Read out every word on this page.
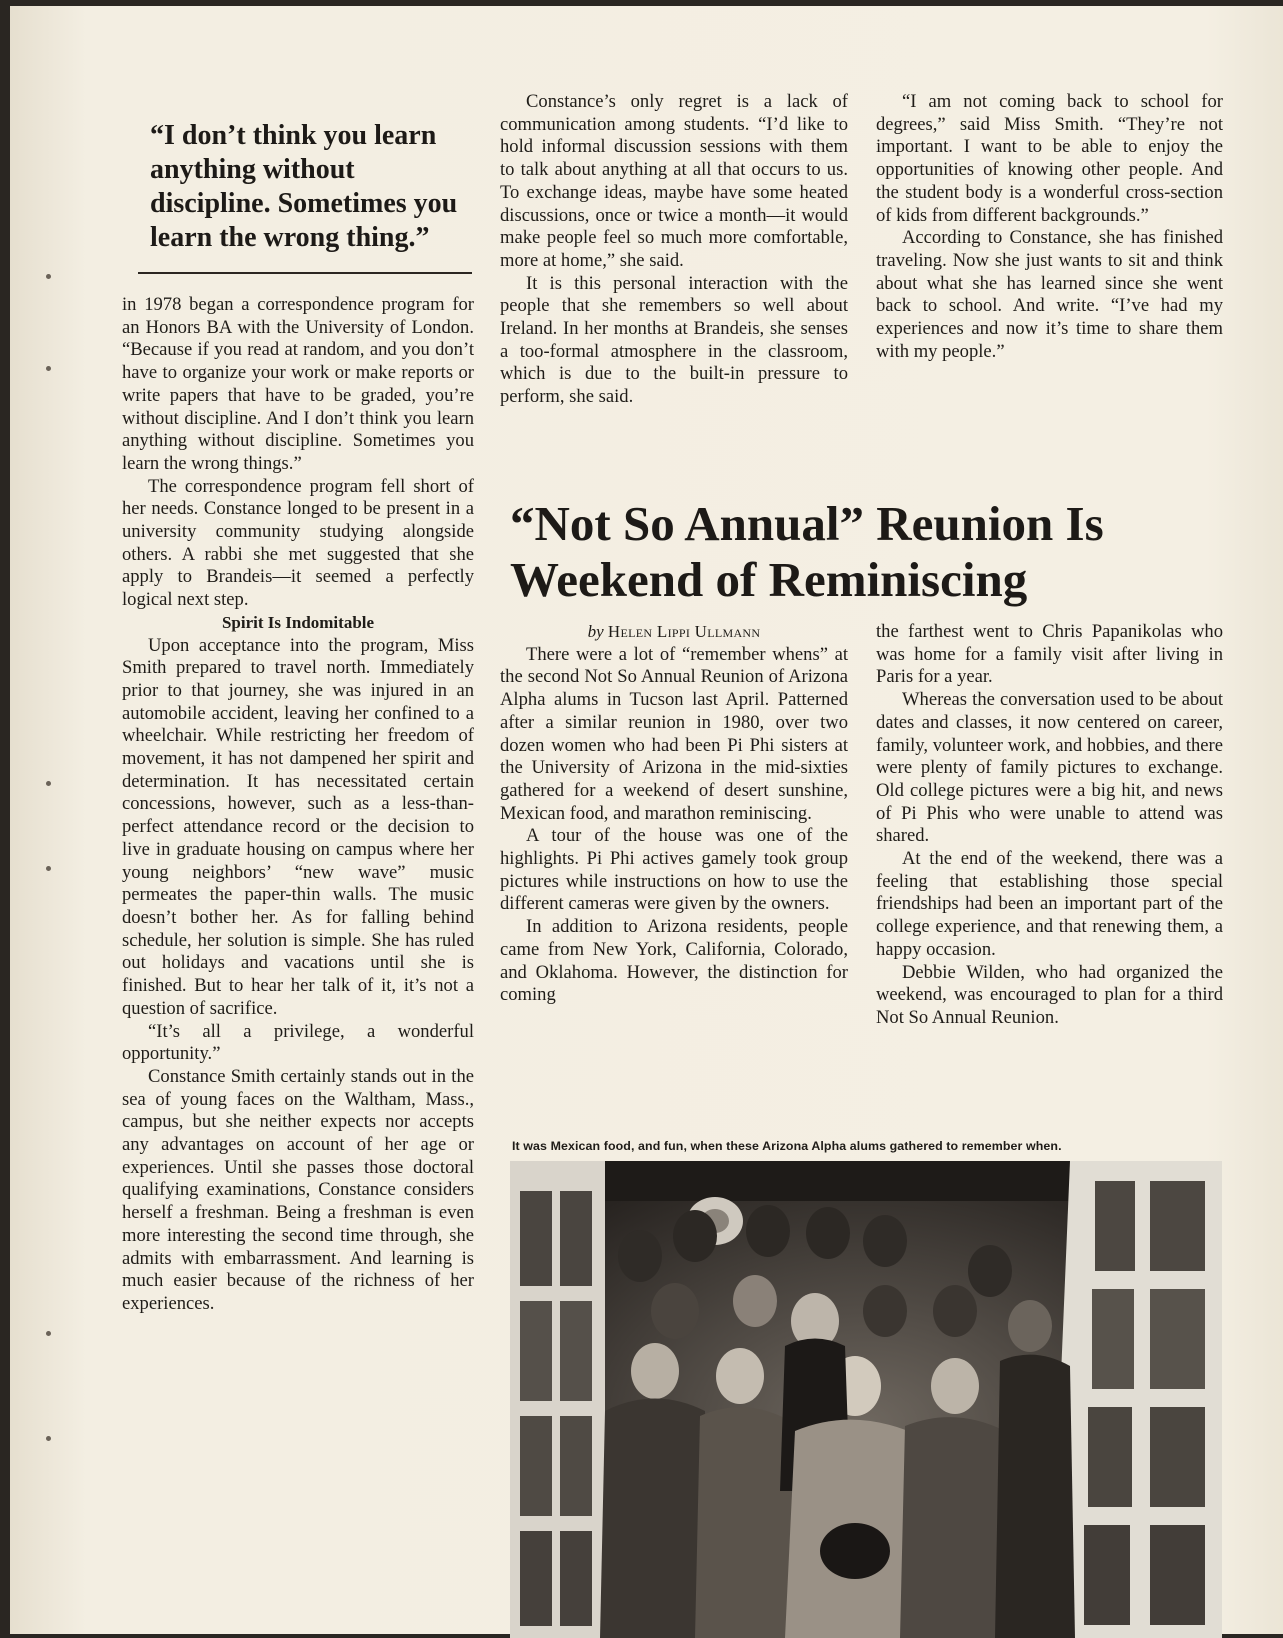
“I don’t think you learn anything without discipline. Sometimes you learn the wrong thing.”

in 1978 began a correspondence program for an Honors BA with the University of London. “Because if you read at random, and you don’t have to organize your work or make reports or write papers that have to be graded, you’re without discipline. And I don’t think you learn anything without discipline. Sometimes you learn the wrong things.”

The correspondence program fell short of her needs. Constance longed to be present in a university community studying alongside others. A rabbi she met suggested that she apply to Brandeis—it seemed a perfectly logical next step.

Spirit Is Indomitable

Upon acceptance into the program, Miss Smith prepared to travel north. Immediately prior to that journey, she was injured in an automobile accident, leaving her confined to a wheelchair. While restricting her freedom of movement, it has not dampened her spirit and determination. It has necessitated certain concessions, however, such as a less-than-perfect attendance record or the decision to live in graduate housing on campus where her young neighbors’ “new wave” music permeates the paper-thin walls. The music doesn’t bother her. As for falling behind schedule, her solution is simple. She has ruled out holidays and vacations until she is finished. But to hear her talk of it, it’s not a question of sacrifice.

“It’s all a privilege, a wonderful opportunity.”

Constance Smith certainly stands out in the sea of young faces on the Waltham, Mass., campus, but she neither expects nor accepts any advantages on account of her age or experiences. Until she passes those doctoral qualifying examinations, Constance considers herself a freshman. Being a freshman is even more interesting the second time through, she admits with embarrassment. And learning is much easier because of the richness of her experiences.

Constance’s only regret is a lack of communication among students. “I’d like to hold informal discussion sessions with them to talk about anything at all that occurs to us. To exchange ideas, maybe have some heated discussions, once or twice a month—it would make people feel so much more comfortable, more at home,” she said.

It is this personal interaction with the people that she remembers so well about Ireland. In her months at Brandeis, she senses a too-formal atmosphere in the classroom, which is due to the built-in pressure to perform, she said.

“I am not coming back to school for degrees,” said Miss Smith. “They’re not important. I want to be able to enjoy the opportunities of knowing other people. And the student body is a wonderful cross-section of kids from different backgrounds.”

According to Constance, she has finished traveling. Now she just wants to sit and think about what she has learned since she went back to school. And write. “I’ve had my experiences and now it’s time to share them with my people.”

“Not So Annual” Reunion Is Weekend of Reminiscing

by Helen Lippi Ullmann

There were a lot of “remember whens” at the second Not So Annual Reunion of Arizona Alpha alums in Tucson last April. Patterned after a similar reunion in 1980, over two dozen women who had been Pi Phi sisters at the University of Arizona in the mid-sixties gathered for a weekend of desert sunshine, Mexican food, and marathon reminiscing.

A tour of the house was one of the highlights. Pi Phi actives gamely took group pictures while instructions on how to use the different cameras were given by the owners.

In addition to Arizona residents, people came from New York, California, Colorado, and Oklahoma. However, the distinction for coming

the farthest went to Chris Papanikolas who was home for a family visit after living in Paris for a year.

Whereas the conversation used to be about dates and classes, it now centered on career, family, volunteer work, and hobbies, and there were plenty of family pictures to exchange. Old college pictures were a big hit, and news of Pi Phis who were unable to attend was shared.

At the end of the weekend, there was a feeling that establishing those special friendships had been an important part of the college experience, and that renewing them, a happy occasion.

Debbie Wilden, who had organized the weekend, was encouraged to plan for a third Not So Annual Reunion.

It was Mexican food, and fun, when these Arizona Alpha alums gathered to remember when.
